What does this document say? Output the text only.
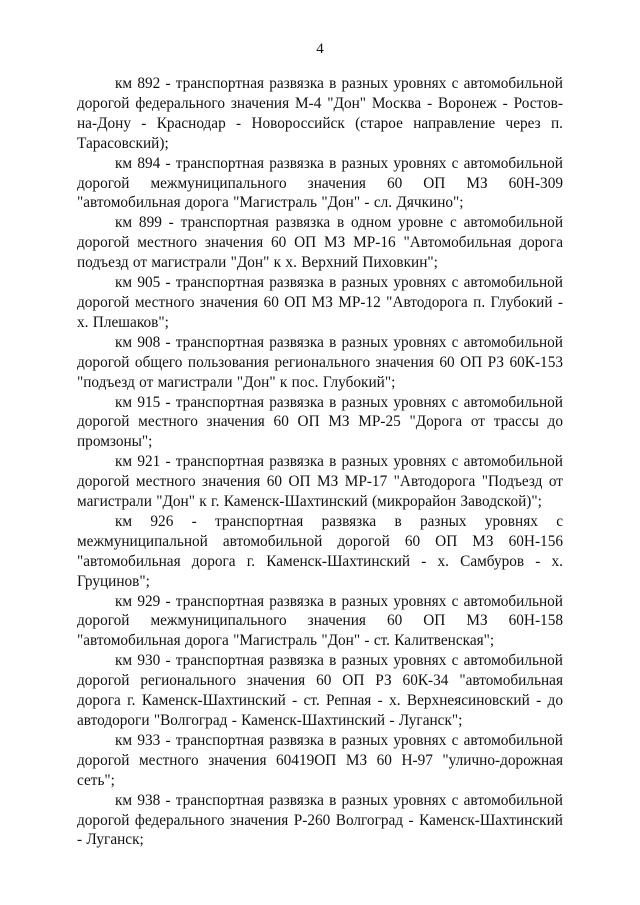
4

км 892 - транспортная развязка в разных уровнях с автомобильной дорогой федерального значения М-4 "Дон" Москва - Воронеж - Ростов-на-Дону - Краснодар - Новороссийск (старое направление через п. Тарасовский);

км 894 - транспортная развязка в разных уровнях с автомобильной дорогой межмуниципального значения 60 ОП МЗ 60Н-309 "автомобильная дорога "Магистраль "Дон" - сл. Дячкино";

км 899 - транспортная развязка в одном уровне с автомобильной дорогой местного значения 60 ОП МЗ МР-16 "Автомобильная дорога подъезд от магистрали "Дон" к х. Верхний Пиховкин";

км 905 - транспортная развязка в разных уровнях с автомобильной дорогой местного значения 60 ОП МЗ МР-12 "Автодорога п. Глубокий - х. Плешаков";

км 908 - транспортная развязка в разных уровнях с автомобильной дорогой общего пользования регионального значения 60 ОП РЗ 60К-153 "подъезд от магистрали "Дон" к пос. Глубокий";

км 915 - транспортная развязка в разных уровнях с автомобильной дорогой местного значения 60 ОП МЗ МР-25 "Дорога от трассы до промзоны";

км 921 - транспортная развязка в разных уровнях с автомобильной дорогой местного значения 60 ОП МЗ МР-17 "Автодорога "Подъезд от магистрали "Дон" к г. Каменск-Шахтинский (микрорайон Заводской)";

км 926 - транспортная развязка в разных уровнях с межмуниципальной автомобильной дорогой 60 ОП МЗ 60Н-156 "автомобильная дорога г. Каменск-Шахтинский - х. Самбуров - х. Груцинов";

км 929 - транспортная развязка в разных уровнях с автомобильной дорогой межмуниципального значения 60 ОП МЗ 60Н-158 "автомобильная дорога "Магистраль "Дон" - ст. Калитвенская";

км 930 - транспортная развязка в разных уровнях с автомобильной дорогой регионального значения 60 ОП РЗ 60К-34 "автомобильная дорога г. Каменск-Шахтинский - ст. Репная - х. Верхнеясиновский - до автодороги "Волгоград - Каменск-Шахтинский - Луганск";

км 933 - транспортная развязка в разных уровнях с автомобильной дорогой местного значения 60419ОП МЗ 60 Н-97 "улично-дорожная сеть";

км 938 - транспортная развязка в разных уровнях с автомобильной дорогой федерального значения Р-260 Волгоград - Каменск-Шахтинский - Луганск;
